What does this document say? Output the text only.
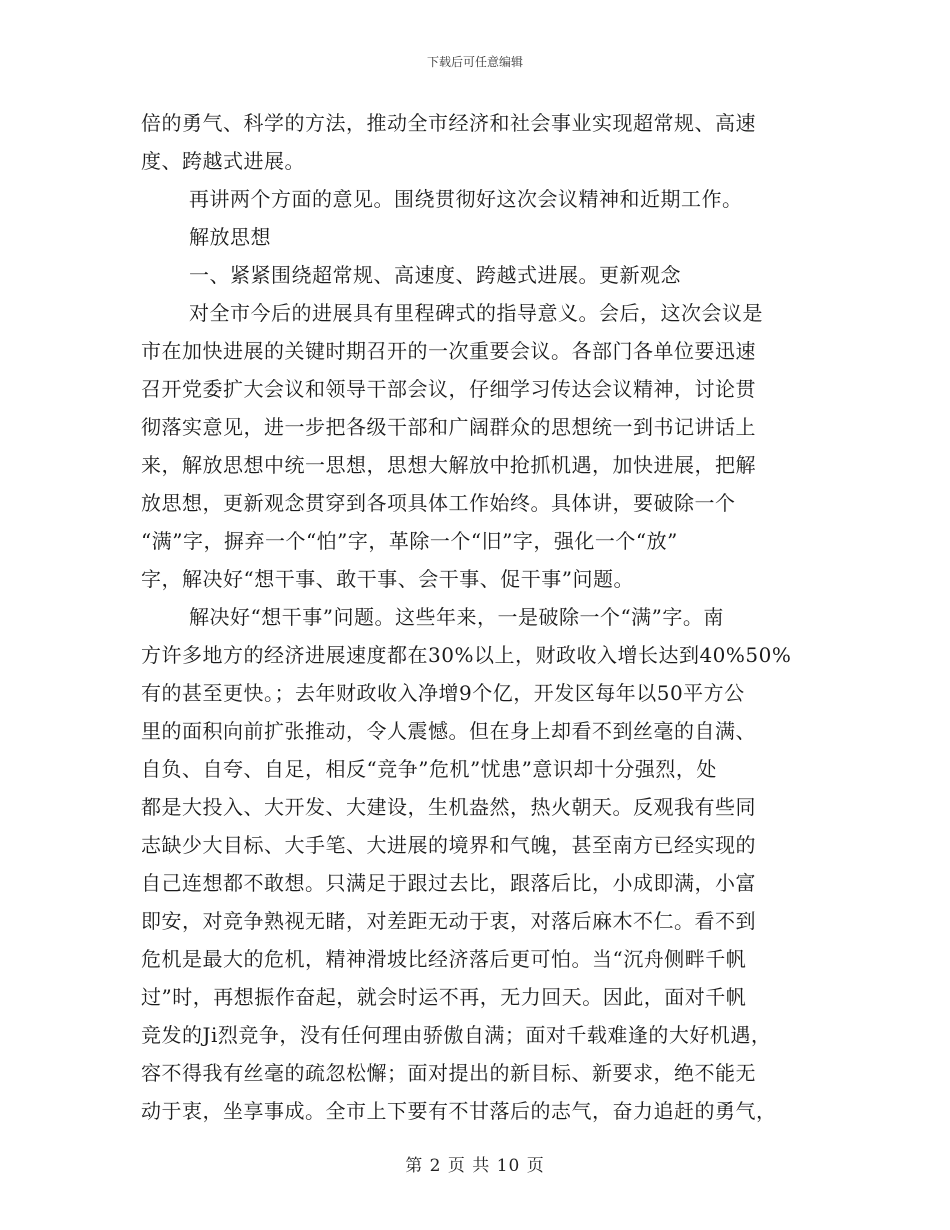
下载后可任意编辑
倍的勇气、科学的方法，推动全市经济和社会事业实现超常规、高速
度、跨越式进展。
再讲两个方面的意见。围绕贯彻好这次会议精神和近期工作。
解放思想
一、紧紧围绕超常规、高速度、跨越式进展。更新观念
对全市今后的进展具有里程碑式的指导意义。会后，这次会议是
市在加快进展的关键时期召开的一次重要会议。各部门各单位要迅速
召开党委扩大会议和领导干部会议，仔细学习传达会议精神，讨论贯
彻落实意见，进一步把各级干部和广阔群众的思想统一到书记讲话上
来，解放思想中统一思想，思想大解放中抢抓机遇，加快进展，把解
放思想，更新观念贯穿到各项具体工作始终。具体讲，要破除一个
“满”字，摒弃一个“怕”字，革除一个“旧”字，强化一个“放”
字，解决好“想干事、敢干事、会干事、促干事”问题。
解决好“想干事”问题。这些年来，一是破除一个“满”字。南
方许多地方的经济进展速度都在30%以上，财政收入增长达到40%50%
有的甚至更快。；去年财政收入净增9个亿，开发区每年以50平方公
里的面积向前扩张推动，令人震憾。但在身上却看不到丝毫的自满、
自负、自夸、自足，相反“竞争”危机”忧患”意识却十分强烈，处
都是大投入、大开发、大建设，生机盎然，热火朝天。反观我有些同
志缺少大目标、大手笔、大进展的境界和气魄，甚至南方已经实现的
自己连想都不敢想。只满足于跟过去比，跟落后比，小成即满，小富
即安，对竞争熟视无睹，对差距无动于衷，对落后麻木不仁。看不到
危机是最大的危机，精神滑坡比经济落后更可怕。当“沉舟侧畔千帆
过”时，再想振作奋起，就会时运不再，无力回天。因此，面对千帆
竞发的Ji烈竞争，没有任何理由骄傲自满；面对千载难逢的大好机遇，
容不得我有丝毫的疏忽松懈；面对提出的新目标、新要求，绝不能无
动于衷，坐享事成。全市上下要有不甘落后的志气，奋力追赶的勇气，
第 2 页 共 10 页
